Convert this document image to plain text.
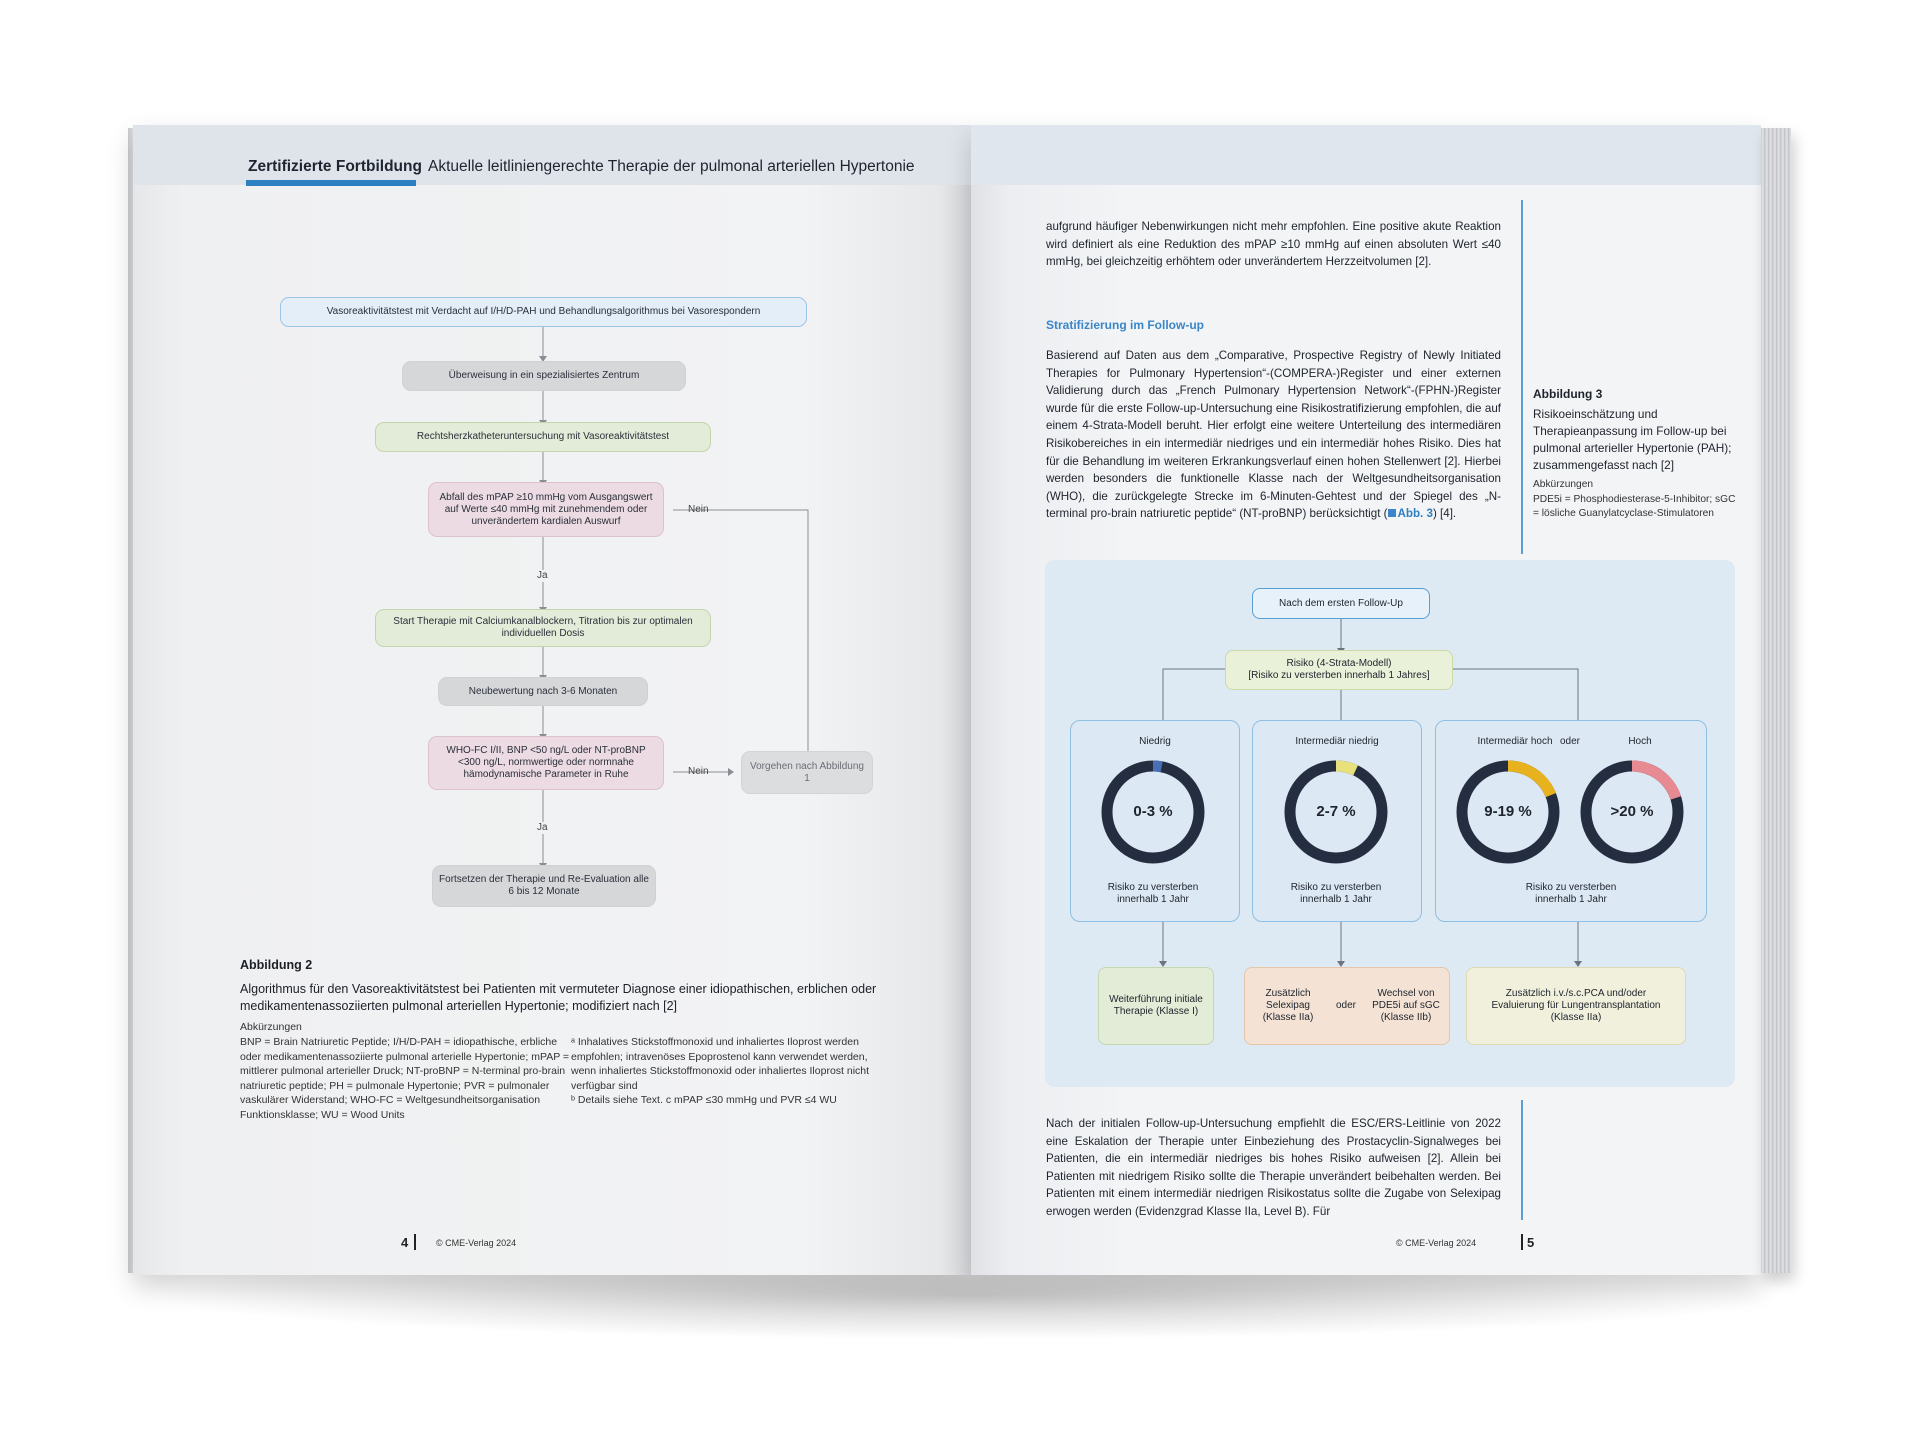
Zertifizierte Fortbildung Aktuelle leitliniengerechte Therapie der pulmonal arteriellen Hypertonie
Vasoreaktivitätstest mit Verdacht auf I/H/D-PAH und Behandlungsalgorithmus bei Vasorespondern
Überweisung in ein spezialisiertes Zentrum
Rechtsherzkatheteruntersuchung mit Vasoreaktivitätstest
Abfall des mPAP ≥10 mmHg vom Ausgangswert auf Werte ≤40 mmHg mit zunehmendem oder unverändertem kardialen Auswurf
Nein
Ja
Start Therapie mit Calciumkanalblockern, Titration bis zur optimalen individuellen Dosis
Neubewertung nach 3-6 Monaten
WHO-FC I/II, BNP <50 ng/L oder NT-proBNP <300 ng/L, normwertige oder normnahe hämodynamische Parameter in Ruhe	Nein	Vorgehen nach Abbildung 1
Ja
Fortsetzen der Therapie und Re-Evaluation alle 6 bis 12 Monate
Abbildung 2
Algorithmus für den Vasoreaktivitätstest bei Patienten mit vermuteter Diagnose einer idiopathischen, erblichen oder medikamentenassoziierten pulmonal arteriellen Hypertonie; modifiziert nach [2]
Abkürzungen
BNP = Brain Natriuretic Peptide; I/H/D-PAH = idiopathische, erbliche oder medikamentenassoziierte pulmonal arterielle Hypertonie; mPAP = mittlerer pulmonal arterieller Druck; NT-proBNP = N-terminal pro-brain natriuretic peptide; PH = pulmonale Hypertonie; PVR = pulmonaler vaskulärer Widerstand; WHO-FC = Weltgesundheitsorganisation Funktionsklasse; WU = Wood Units
ᵃ Inhalatives Stickstoffmonoxid und inhaliertes Iloprost werden empfohlen; intravenöses Epoprostenol kann verwendet werden, wenn inhaliertes Stickstoffmonoxid oder inhaliertes Iloprost nicht verfügbar sind
ᵇ Details siehe Text. c mPAP ≤30 mmHg und PVR ≤4 WU
4	© CME-Verlag 2024
aufgrund häufiger Nebenwirkungen nicht mehr empfohlen. Eine positive akute Reaktion wird definiert als eine Reduktion des mPAP ≥10 mmHg auf einen absoluten Wert ≤40 mmHg, bei gleichzeitig erhöhtem oder unverändertem Herzzeitvolumen [2].
Stratifizierung im Follow-up
Basierend auf Daten aus dem „Comparative, Prospective Registry of Newly Initiated Therapies for Pulmonary Hypertension“-(COMPERA-)Register und einer externen Validierung durch das „French Pulmonary Hypertension Network“-(FPHN-)Register wurde für die erste Follow-up-Untersuchung eine Risikostratifizierung empfohlen, die auf einem 4-Strata-Modell beruht. Hier erfolgt eine weitere Unterteilung des intermediären Risikobereiches in ein intermediär niedriges und ein intermediär hohes Risiko. Dies hat für die Behandlung im weiteren Erkrankungsverlauf einen hohen Stellenwert [2]. Hierbei werden besonders die funktionelle Klasse nach der Weltgesundheitsorganisation (WHO), die zurückgelegte Strecke im 6-Minuten-Gehtest und der Spiegel des „N-terminal pro-brain natriuretic peptide“ (NT-proBNP) berücksichtigt ( Abb. 3) [4].
Abbildung 3
Risikoeinschätzung und Therapieanpassung im Follow-up bei pulmonal arterieller Hypertonie (PAH); zusammengefasst nach [2]
Abkürzungen
PDE5i = Phosphodiesterase-5-Inhibitor; sGC = lösliche Guanylatcyclase-Stimulatoren
Nach der initialen Follow-up-Untersuchung empfiehlt die ESC/ERS-Leitlinie von 2022 eine Eskalation der Therapie unter Einbeziehung des Prostacyclin-Signalweges bei Patienten, die ein intermediär niedriges bis hohes Risiko aufweisen [2]. Allein bei Patienten mit niedrigem Risiko sollte die Therapie unverändert beibehalten werden. Bei Patienten mit einem intermediär niedrigen Risikostatus sollte die Zugabe von Selexipag erwogen werden (Evidenzgrad Klasse IIa, Level B). Für
© CME-Verlag 2024	5
Nach dem ersten Follow-Up
Risiko (4-Strata-Modell)
[Risiko zu versterben innerhalb 1 Jahres]
Niedrig	Intermediär niedrig	Intermediär hoch oder	Hoch
0-3 %	2-7 %	9-19 %	>20 %
Risiko zu versterben innerhalb 1 Jahr
Risiko zu versterben innerhalb 1 Jahr
Risiko zu versterben innerhalb 1 Jahr
Weiterführung initiale Therapie (Klasse I)
Zusätzlich Selexipag (Klasse IIa)
oder
Wechsel von PDE5i auf sGC (Klasse IIb)
Zusätzlich i.v./s.c.PCA und/oder Evaluierung für Lungentransplantation (Klasse IIa)
